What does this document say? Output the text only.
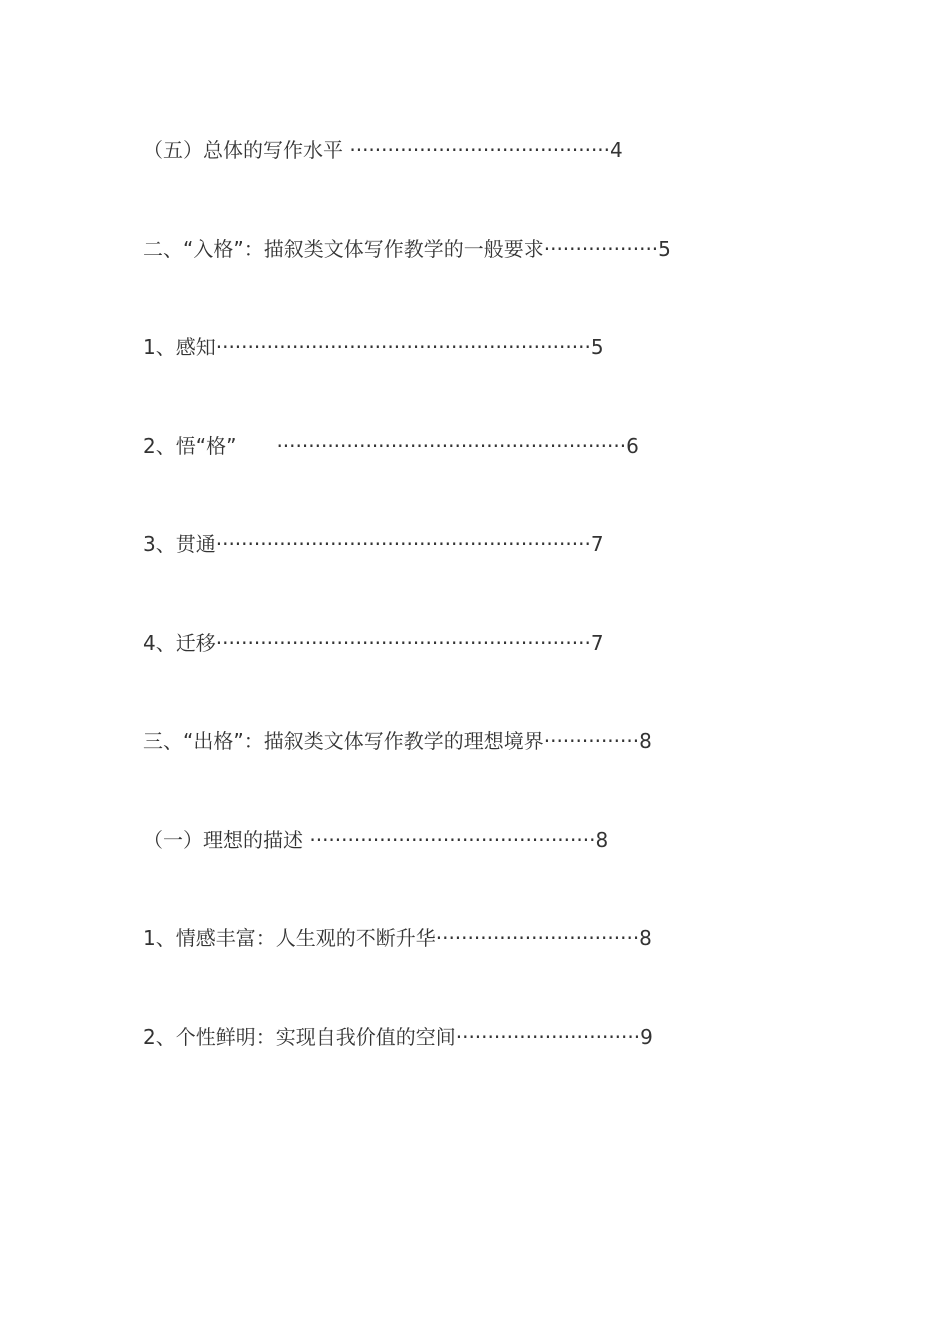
（五）总体的写作水平 ·········································4
二、“入格”：描叙类文体写作教学的一般要求··················5
1、感知···························································5
2、悟“格”　　·······················································6
3、贯通···························································7
4、迁移···························································7
三、“出格”：描叙类文体写作教学的理想境界···············8
（一）理想的描述 ·············································8
1、情感丰富：人生观的不断升华································8
2、个性鲜明：实现自我价值的空间·····························9
